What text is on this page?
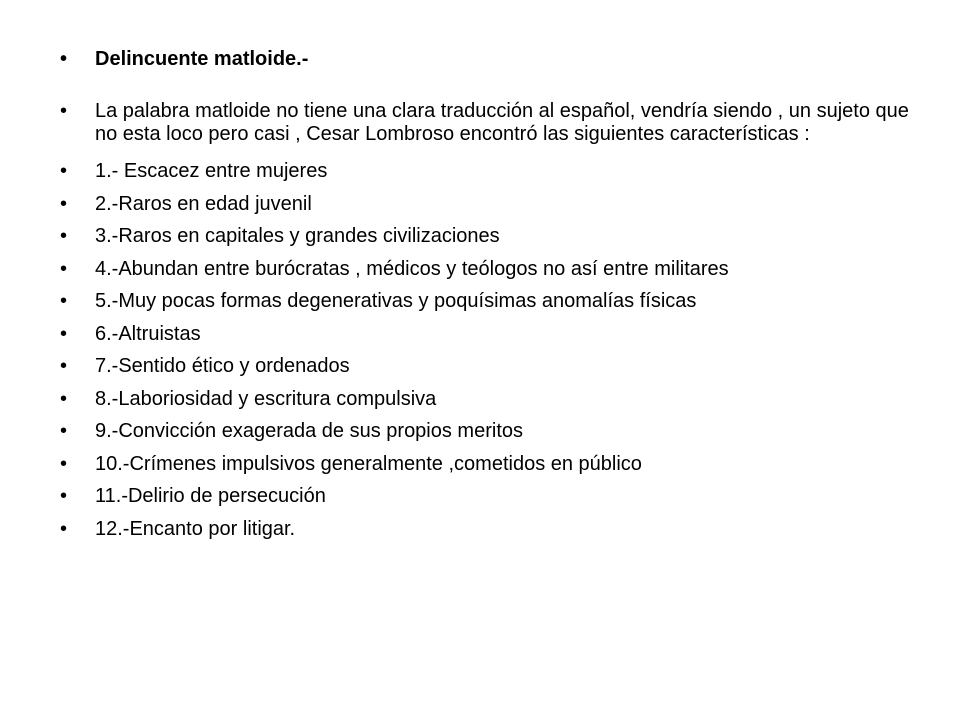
•	Delincuente matloide.-
•	La palabra matloide no tiene una clara traducción al español, vendría siendo , un sujeto que no esta loco pero casi , Cesar Lombroso encontró las siguientes características :
•	1.- Escacez entre mujeres
•	2.-Raros en edad juvenil
•	3.-Raros en capitales y grandes civilizaciones
•	4.-Abundan entre burócratas , médicos y teólogos no así entre militares
•	5.-Muy pocas formas degenerativas y poquísimas anomalías físicas
•	6.-Altruistas
•	7.-Sentido ético y ordenados
•	8.-Laboriosidad y escritura compulsiva
•	9.-Convicción exagerada de sus propios meritos
•	10.-Crímenes impulsivos generalmente ,cometidos en público
•	11.-Delirio de persecución
•	12.-Encanto por litigar.
